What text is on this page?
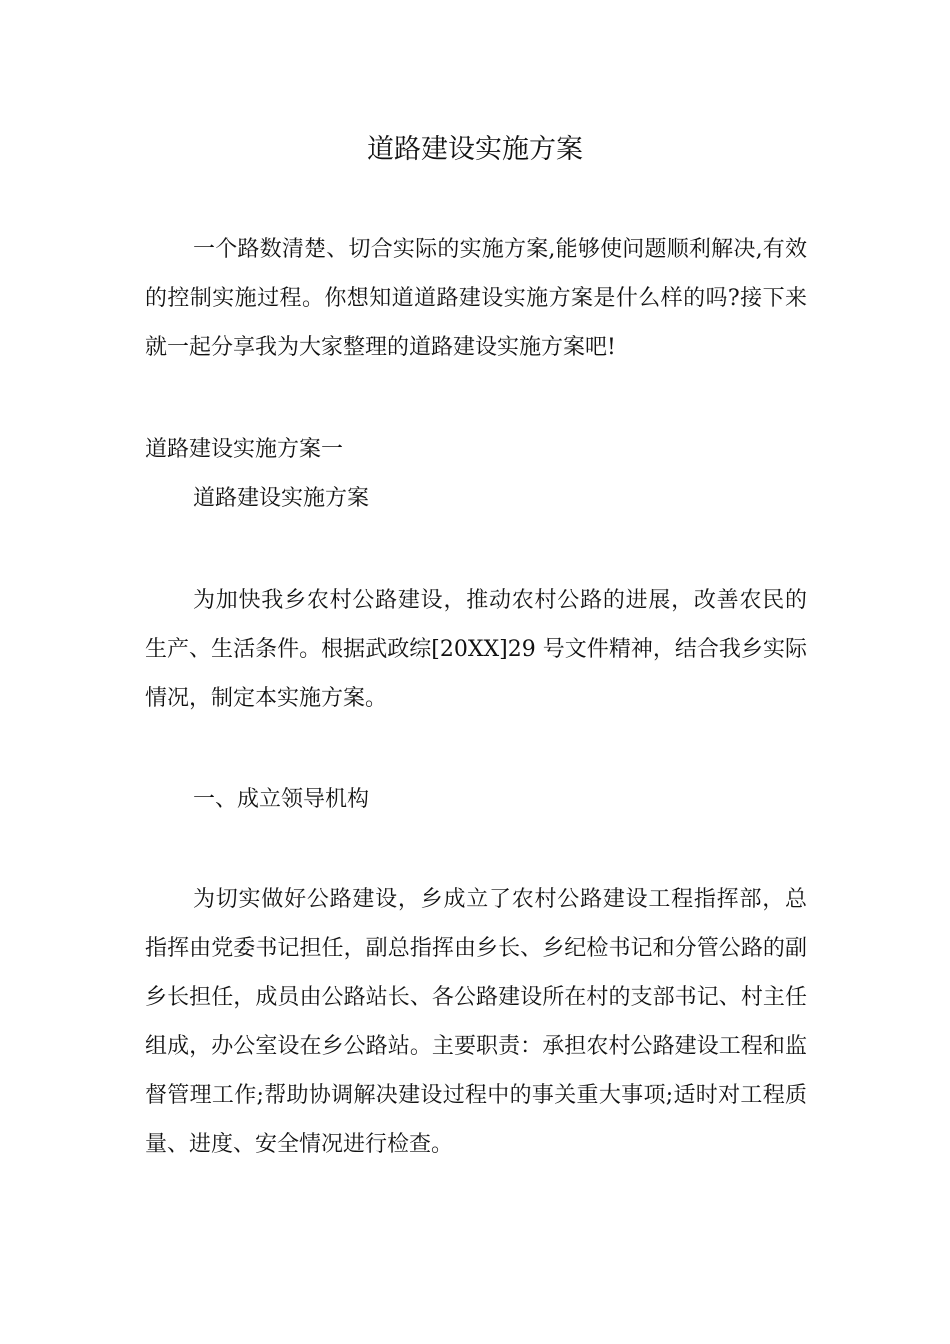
道路建设实施方案

一个路数清楚、切合实际的实施方案,能够使问题顺利解决,有效的控制实施过程。你想知道道路建设实施方案是什么样的吗?接下来就一起分享我为大家整理的道路建设实施方案吧!

道路建设实施方案一

道路建设实施方案

为加快我乡农村公路建设，推动农村公路的进展，改善农民的生产、生活条件。根据武政综[20XX]29 号文件精神，结合我乡实际情况，制定本实施方案。

一、成立领导机构

为切实做好公路建设，乡成立了农村公路建设工程指挥部，总指挥由党委书记担任，副总指挥由乡长、乡纪检书记和分管公路的副乡长担任，成员由公路站长、各公路建设所在村的支部书记、村主任组成，办公室设在乡公路站。主要职责：承担农村公路建设工程和监督管理工作;帮助协调解决建设过程中的事关重大事项;适时对工程质量、进度、安全情况进行检查。
